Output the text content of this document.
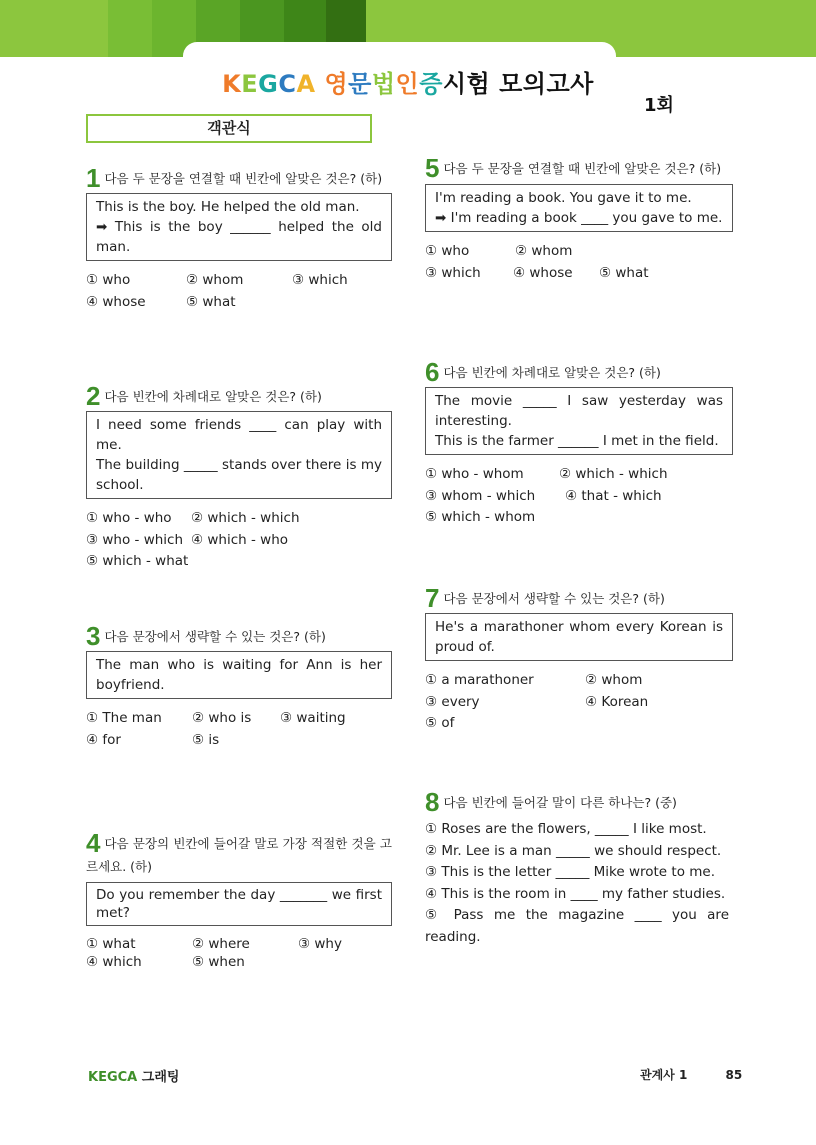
KEGCA 영문법인증시험 모의고사
1회
객관식
1 다음 두 문장을 연결할 때 빈칸에 알맞은 것은? (하)
This is the boy. He helped the old man.
➡ This is the boy ______ helped the old man.
① who	② whom	③ which
④ whose	⑤ what
2 다음 빈칸에 차례대로 알맞은 것은? (하)
I need some friends ____ can play with me.
The building _____ stands over there is my school.
① who - who ② which - which
③ who - which ④ which - who
⑤ which - what
3 다음 문장에서 생략할 수 있는 것은? (하)
The man who is waiting for Ann is her boyfriend.
① The man ② who is ③ waiting
④ for	⑤ is
4 다음 문장의 빈칸에 들어갈 말로 가장 적절한 것을 고르세요. (하)
Do you remember the day _______ we first met?
① what	② where	③ why
④ which	⑤ when
5 다음 두 문장을 연결할 때 빈칸에 알맞은 것은? (하)
I'm reading a book. You gave it to me.
➡ I'm reading a book ____ you gave to me.
① who	② whom
③ which ④ whose ⑤ what
6 다음 빈칸에 차례대로 알맞은 것은? (하)
The movie _____ I saw yesterday was interesting.
This is the farmer ______ I met in the field.
① who - whom	② which - which
③ whom - which ④ that - which
⑤ which - whom
7 다음 문장에서 생략할 수 있는 것은? (하)
He's a marathoner whom every Korean is proud of.
① a marathoner	② whom
③ every	④ Korean
⑤ of
8 다음 빈칸에 들어갈 말이 다른 하나는? (중)
① Roses are the flowers, _____ I like most.
② Mr. Lee is a man _____ we should respect.
③ This is the letter _____ Mike wrote to me.
④ This is the room in ____ my father studies.
⑤ Pass me the magazine ____ you are reading.
KEGCA 그래팅	관계사 1	85
